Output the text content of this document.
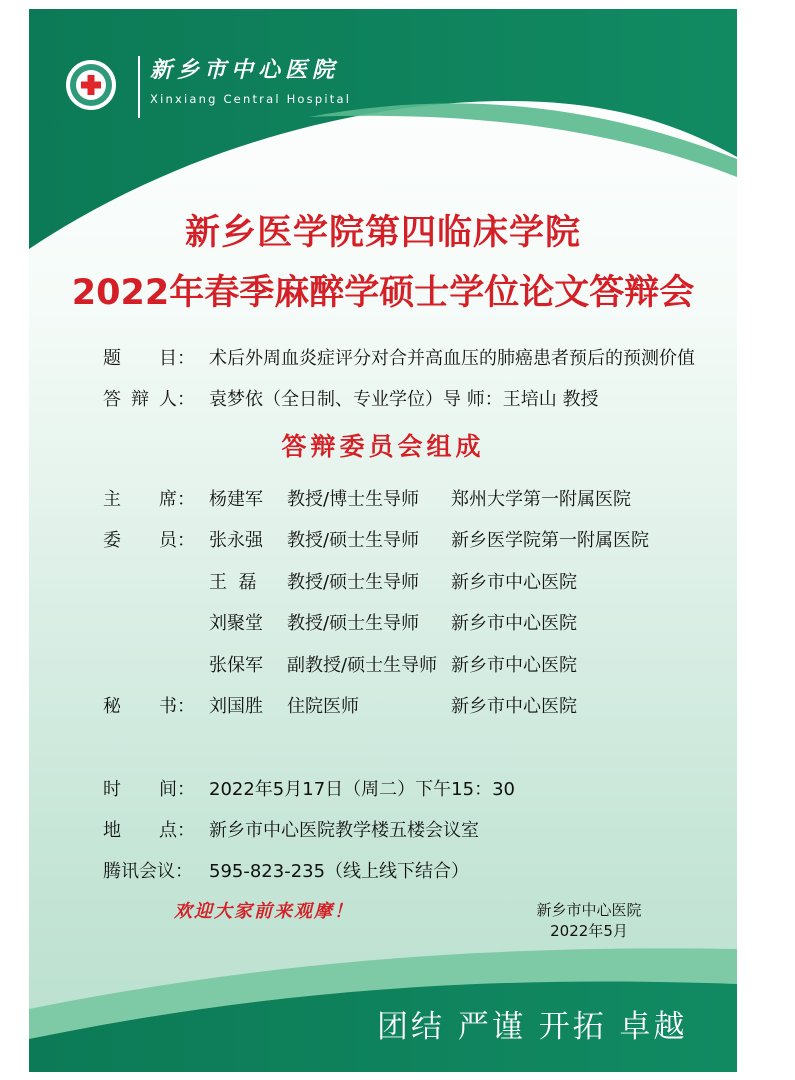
新乡市中心医院
Xinxiang Central Hospital
新乡医学院第四临床学院
2022年春季麻醉学硕士学位论文答辩会
题 目： 术后外周血炎症评分对合并高血压的肺癌患者预后的预测价值
答 辩 人： 袁梦依（全日制、专业学位）导 师：王培山 教授
答辩委员会组成
主 席： 杨建军 教授/博士生导师 郑州大学第一附属医院
委 员： 张永强 教授/硕士生导师 新乡医学院第一附属医院
王  磊 教授/硕士生导师 新乡市中心医院
刘聚堂 教授/硕士生导师 新乡市中心医院
张保军 副教授/硕士生导师 新乡市中心医院
秘 书： 刘国胜 住院医师	新乡市中心医院
时 间： 2022年5月17日（周二）下午15：30
地 点： 新乡市中心医院教学楼五楼会议室
腾讯会议： 595-823-235（线上线下结合）
欢迎大家前来观摩！	新乡市中心医院
2022年5月
团结 严谨 开拓 卓越
